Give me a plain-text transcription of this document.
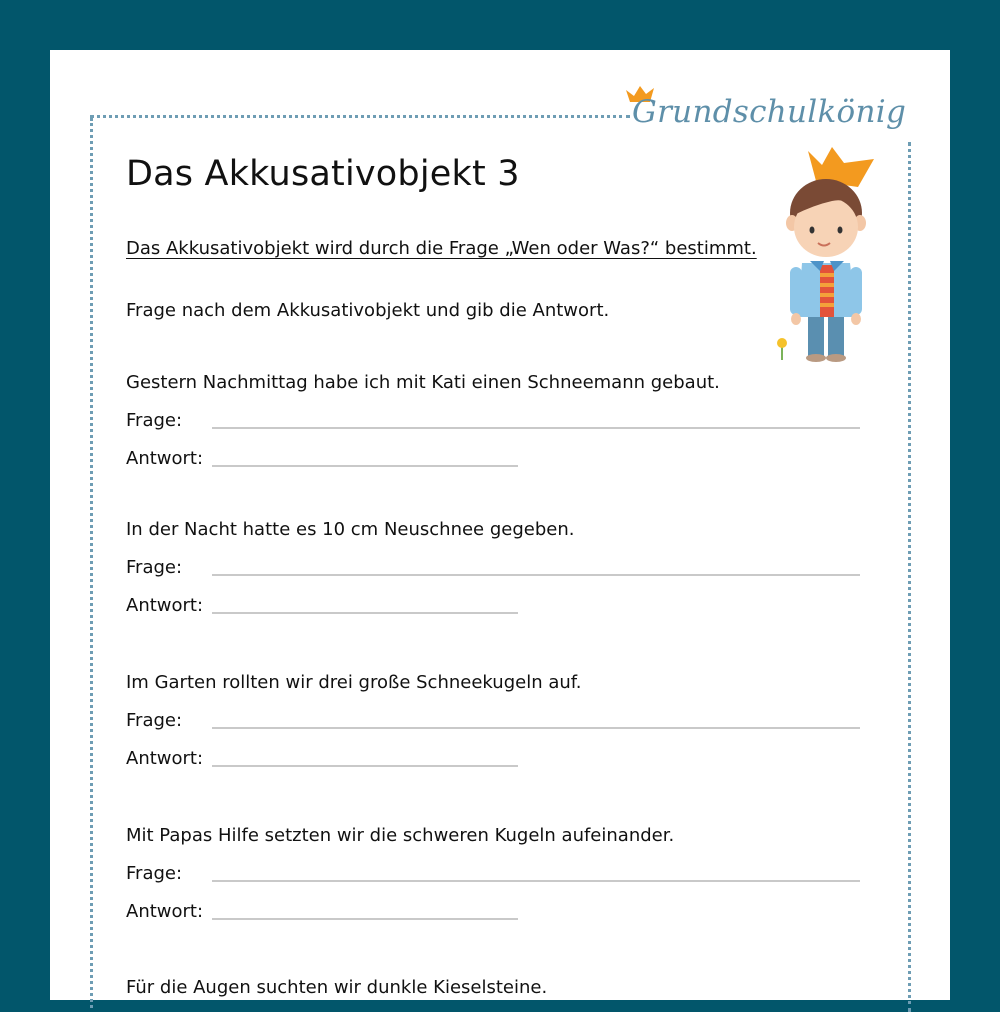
Grundschulkönig
Das Akkusativobjekt 3
Das Akkusativobjekt wird durch die Frage „Wen oder Was?“ bestimmt.
Frage nach dem Akkusativobjekt und gib die Antwort.
Gestern Nachmittag habe ich mit Kati einen Schneemann gebaut.
Frage:
Antwort:
In der Nacht hatte es 10 cm Neuschnee gegeben.
Frage:
Antwort:
Im Garten rollten wir drei große Schneekugeln auf.
Frage:
Antwort:
Mit Papas Hilfe setzten wir die schweren Kugeln aufeinander.
Frage:
Antwort:
Für die Augen suchten wir dunkle Kieselsteine.
